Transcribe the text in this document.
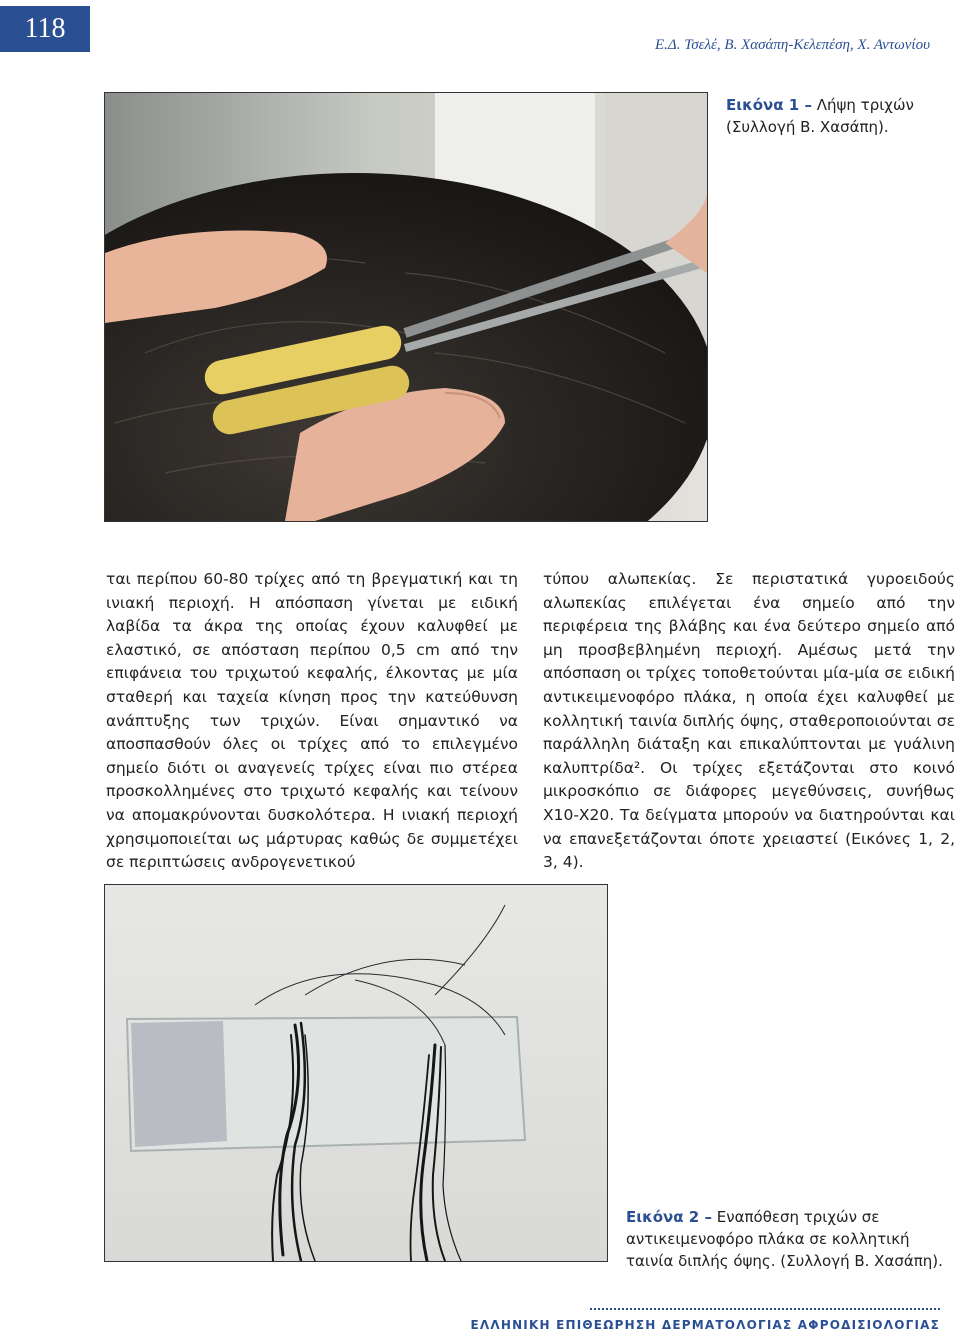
118
Ε.Δ. Τσελέ, Β. Χασάπη-Κελεπέση, Χ. Αντωνίου
Εικόνα 1 – Λήψη τριχών (Συλλογή Β. Χασάπη).
ται περίπου 60-80 τρίχες από τη βρεγματική και τη ινιακή περιοχή. Η απόσπαση γίνεται με ειδική λαβίδα τα άκρα της οποίας έχουν καλυφθεί με ελαστικό, σε απόσταση περίπου 0,5 cm από την επιφάνεια του τριχωτού κεφαλής, έλκοντας με μία σταθερή και ταχεία κίνηση προς την κατεύθυνση ανάπτυξης των τριχών. Είναι σημαντικό να αποσπασθούν όλες οι τρίχες από το επιλεγμένο σημείο διότι οι αναγενείς τρίχες είναι πιο στέρεα προσκολλημένες στο τριχωτό κεφαλής και τείνουν να απομακρύνονται δυσκολότερα. Η ινιακή περιοχή χρησιμοποιείται ως μάρτυρας καθώς δε συμμετέχει σε περιπτώσεις ανδρογενετικού
τύπου αλωπεκίας. Σε περιστατικά γυροειδούς αλωπεκίας επιλέγεται ένα σημείο από την περιφέρεια της βλάβης και ένα δεύτερο σημείο από μη προσβεβλημένη περιοχή. Αμέσως μετά την απόσπαση οι τρίχες τοποθετούνται μία-μία σε ειδική αντικειμενοφόρο πλάκα, η οποία έχει καλυφθεί με κολλητική ταινία διπλής όψης, σταθεροποιούνται σε παράλληλη διάταξη και επικαλύπτονται με γυάλινη καλυπτρίδα². Οι τρίχες εξετάζονται στο κοινό μικροσκόπιο σε διάφορες μεγεθύνσεις, συνήθως Χ10-Χ20. Τα δείγματα μπορούν να διατηρούνται και να επανεξετάζονται όποτε χρειαστεί (Εικόνες 1, 2, 3, 4).
Εικόνα 2 – Εναπόθεση τριχών σε αντικειμενοφόρο πλάκα σε κολλητική ταινία διπλής όψης. (Συλλογή Β. Χασάπη).
ΕΛΛΗΝΙΚΗ ΕΠΙΘΕΩΡΗΣΗ ΔΕΡΜΑΤΟΛΟΓΙΑΣ ΑΦΡΟΔΙΣΙΟΛΟΓΙΑΣ
